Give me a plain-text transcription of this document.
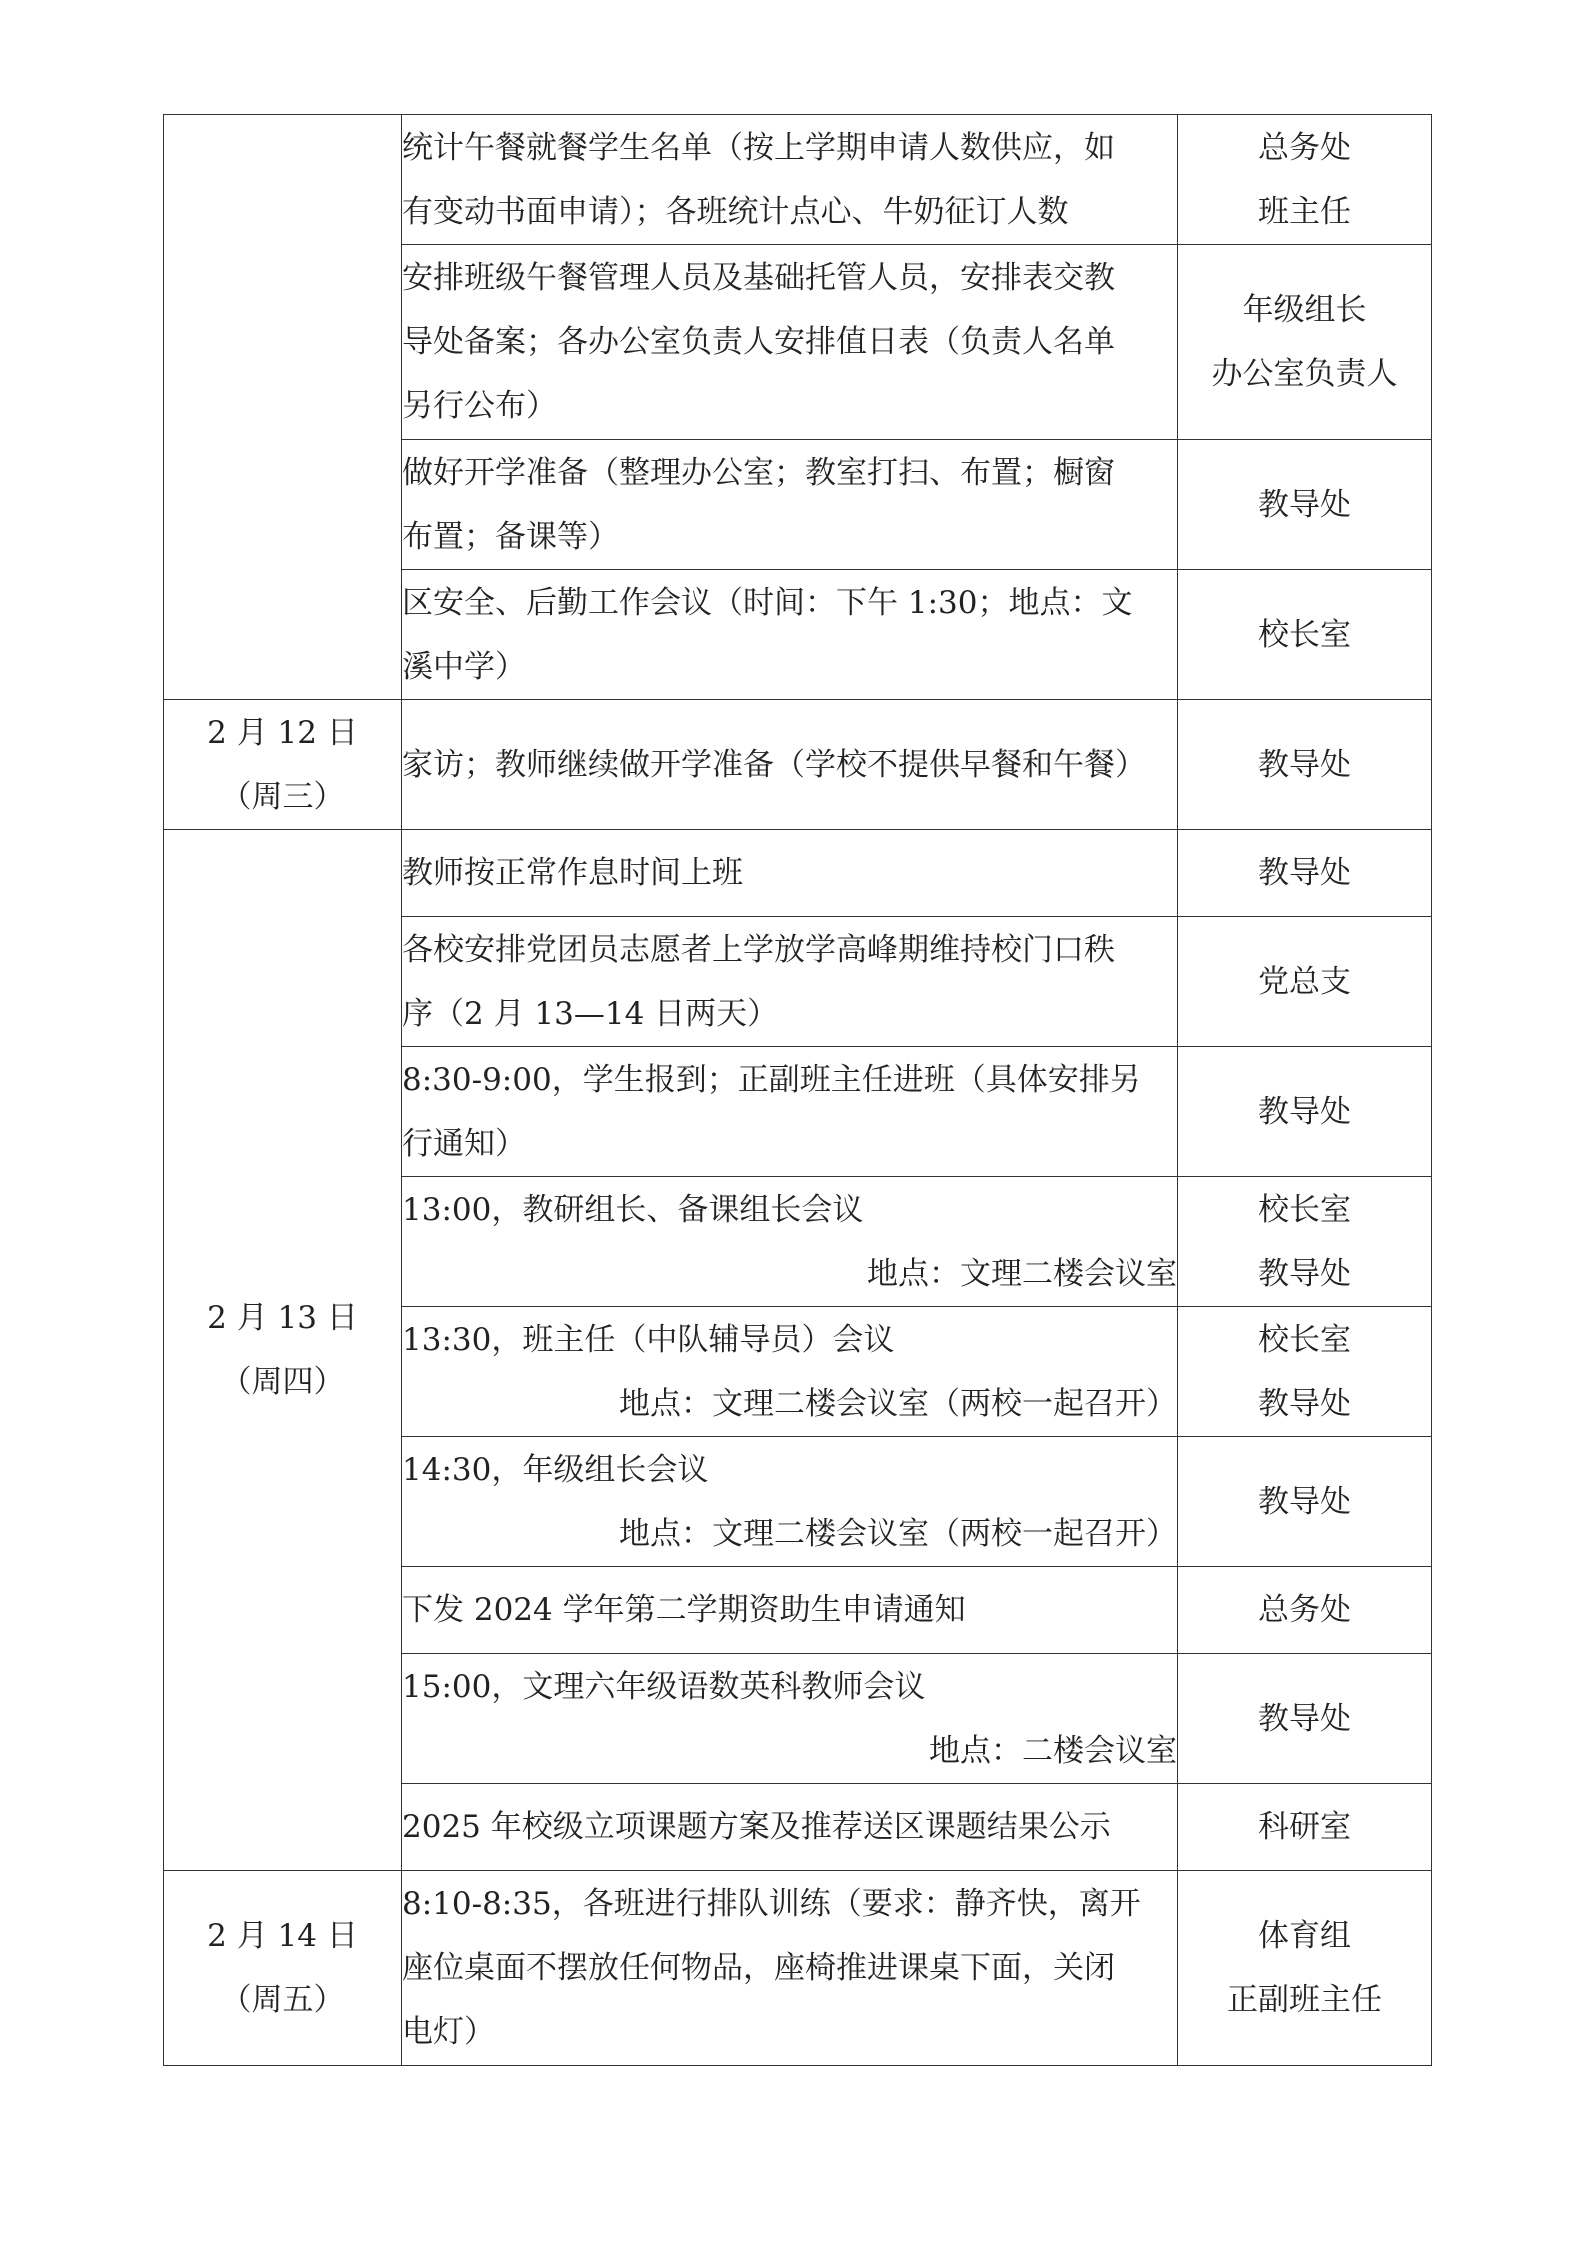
	统计午餐就餐学生名单（按上学期申请人数供应，如
有变动书面申请）；各班统计点心、牛奶征订人数	总务处
班主任

	安排班级午餐管理人员及基础托管人员，安排表交教
导处备案；各办公室负责人安排值日表（负责人名单
另行公布）	年级组长
办公室负责人

	做好开学准备（整理办公室；教室打扫、布置；橱窗
布置；备课等）	教导处

	区安全、后勤工作会议（时间：下午 1:30；地点：文
溪中学）	校长室

2 月 12 日
（周三）	家访；教师继续做开学准备（学校不提供早餐和午餐）	教导处

2 月 13 日
（周四）	教师按正常作息时间上班	教导处

	各校安排党团员志愿者上学放学高峰期维持校门口秩
序（2 月 13—14 日两天）	党总支

	8:30-9:00，学生报到；正副班主任进班（具体安排另
行通知）	教导处

	13:00，教研组长、备课组长会议
地点：文理二楼会议室	校长室
教导处

	13:30，班主任（中队辅导员）会议
地点：文理二楼会议室（两校一起召开）	校长室
教导处

	14:30，年级组长会议
地点：文理二楼会议室（两校一起召开）	教导处

	下发 2024 学年第二学期资助生申请通知	总务处

	15:00，文理六年级语数英科教师会议
地点：二楼会议室	教导处

	2025 年校级立项课题方案及推荐送区课题结果公示	科研室

2 月 14 日
（周五）	8:10-8:35，各班进行排队训练（要求：静齐快，离开
座位桌面不摆放任何物品，座椅推进课桌下面，关闭
电灯）	体育组
正副班主任
